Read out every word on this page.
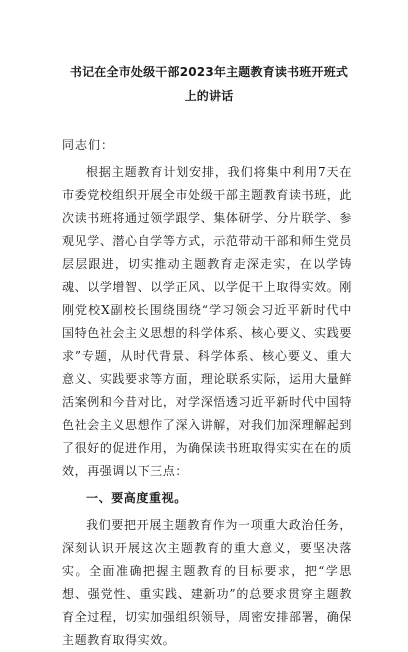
书记在全市处级干部2023年主题教育读书班开班式上的讲话

同志们：

根据主题教育计划安排，我们将集中利用7天在市委党校组织开展全市处级干部主题教育读书班，此次读书班将通过领学跟学、集体研学、分片联学、参观见学、潜心自学等方式，示范带动干部和师生党员层层跟进，切实推动主题教育走深走实，在以学铸魂、以学增智、以学正风、以学促干上取得实效。刚刚党校X副校长围绕围绕“学习领会习近平新时代中国特色社会主义思想的科学体系、核心要义、实践要求”专题，从时代背景、科学体系、核心要义、重大意义、实践要求等方面，理论联系实际，运用大量鲜活案例和今昔对比，对学深悟透习近平新时代中国特色社会主义思想作了深入讲解，对我们加深理解起到了很好的促进作用，为确保读书班取得实实在在的质效，再强调以下三点：

一、要高度重视。

我们要把开展主题教育作为一项重大政治任务，深刻认识开展这次主题教育的重大意义，要坚决落实。全面准确把握主题教育的目标要求，把“学思想、强党性、重实践、建新功”的总要求贯穿主题教育全过程，切实加强组织领导，周密安排部署，确保主题教育取得实效。
